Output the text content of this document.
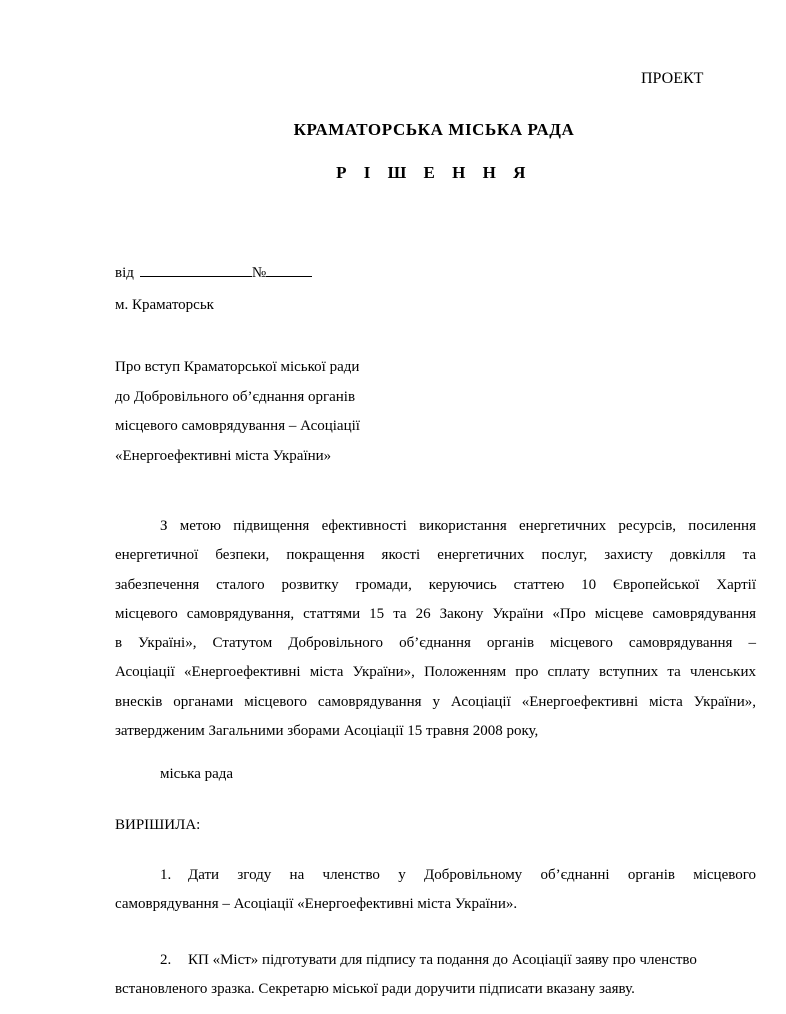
ПРОЕКТ
КРАМАТОРСЬКА МІСЬКА РАДА
Р І Ш Е Н Н Я
від	№
м. Краматорськ
Про вступ Краматорської міської ради
до Добровільного об’єднання органів
місцевого самоврядування – Асоціації
«Енергоефективні міста України»
З метою підвищення ефективності використання енергетичних ресурсів, посилення
енергетичної безпеки, покращення якості енергетичних послуг, захисту довкілля та
забезпечення сталого розвитку громади, керуючись статтею 10 Європейської Хартії
місцевого самоврядування, статтями 15 та 26 Закону України «Про місцеве самоврядування
в Україні», Статутом Добровільного об’єднання органів місцевого самоврядування –
Асоціації «Енергоефективні міста України», Положенням про сплату вступних та членських
внесків органами місцевого самоврядування у Асоціації «Енергоефективні міста України»,
затвердженим Загальними зборами Асоціації 15 травня 2008 року,
міська рада
ВИРІШИЛА:
1. Дати згоду на членство у Добровільному об’єднанні органів місцевого
самоврядування – Асоціації «Енергоефективні міста України».
2. КП «Міст» підготувати для підпису та подання до Асоціації заяву про членство
встановленого зразка. Секретарю міської ради доручити підписати вказану заяву.
